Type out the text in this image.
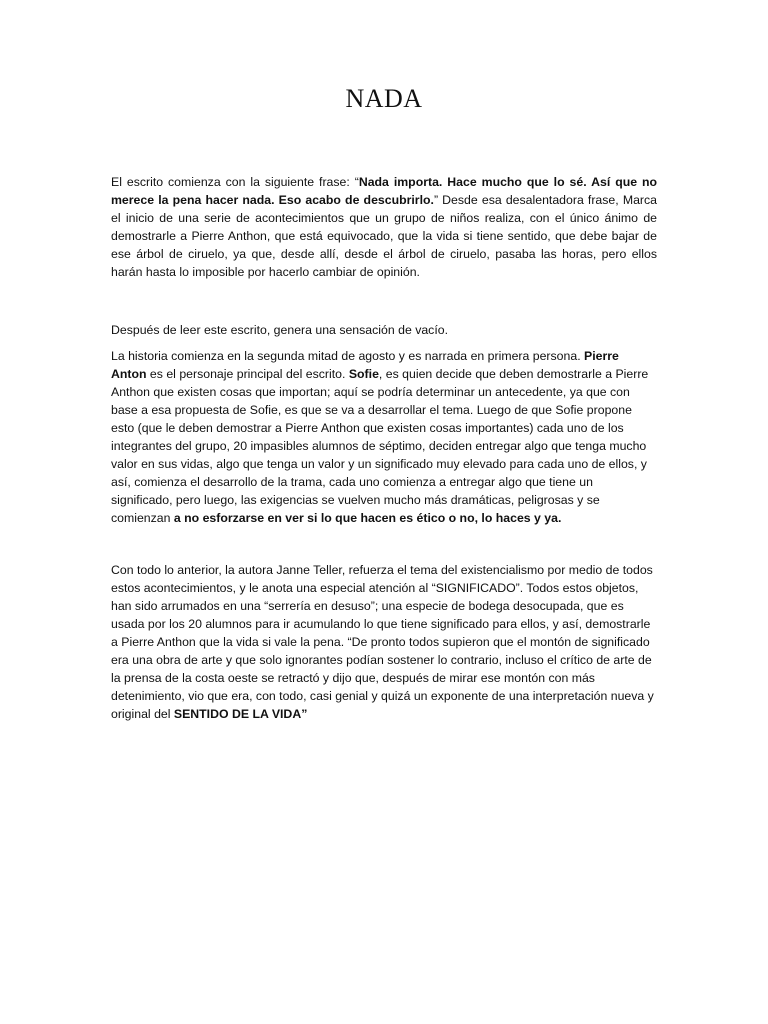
NADA

El escrito comienza con la siguiente frase: “Nada importa. Hace mucho que lo sé. Así que no merece la pena hacer nada. Eso acabo de descubrirlo.” Desde esa desalentadora frase, Marca el inicio de una serie de acontecimientos que un grupo de niños realiza, con el único ánimo de demostrarle a Pierre Anthon, que está equivocado, que la vida si tiene sentido, que debe bajar de ese árbol de ciruelo, ya que, desde allí, desde el árbol de ciruelo, pasaba las horas, pero ellos harán hasta lo imposible por hacerlo cambiar de opinión.

Después de leer este escrito, genera una sensación de vacío.

La historia comienza en la segunda mitad de agosto y es narrada en primera persona. Pierre Anton es el personaje principal del escrito. Sofie, es quien decide que deben demostrarle a Pierre Anthon que existen cosas que importan; aquí se podría determinar un antecedente, ya que con base a esa propuesta de Sofie, es que se va a desarrollar el tema. Luego de que Sofie propone esto (que le deben demostrar a Pierre Anthon que existen cosas importantes) cada uno de los integrantes del grupo, 20 impasibles alumnos de séptimo, deciden entregar algo que tenga mucho valor en sus vidas, algo que tenga un valor y un significado muy elevado para cada uno de ellos, y así, comienza el desarrollo de la trama, cada uno comienza a entregar algo que tiene un significado, pero luego, las exigencias se vuelven mucho más dramáticas, peligrosas y se comienzan a no esforzarse en ver si lo que hacen es ético o no, lo haces y ya.

Con todo lo anterior, la autora Janne Teller, refuerza el tema del existencialismo por medio de todos estos acontecimientos, y le anota una especial atención al “SIGNIFICADO”. Todos estos objetos, han sido arrumados en una “serrería en desuso”; una especie de bodega desocupada, que es usada por los 20 alumnos para ir acumulando lo que tiene significado para ellos, y así, demostrarle a Pierre Anthon que la vida si vale la pena. “De pronto todos supieron que el montón de significado era una obra de arte y que solo ignorantes podían sostener lo contrario, incluso el crítico de arte de la prensa de la costa oeste se retractó y dijo que, después de mirar ese montón con más detenimiento, vio que era, con todo, casi genial y quizá un exponente de una interpretación nueva y original del SENTIDO DE LA VIDA”
